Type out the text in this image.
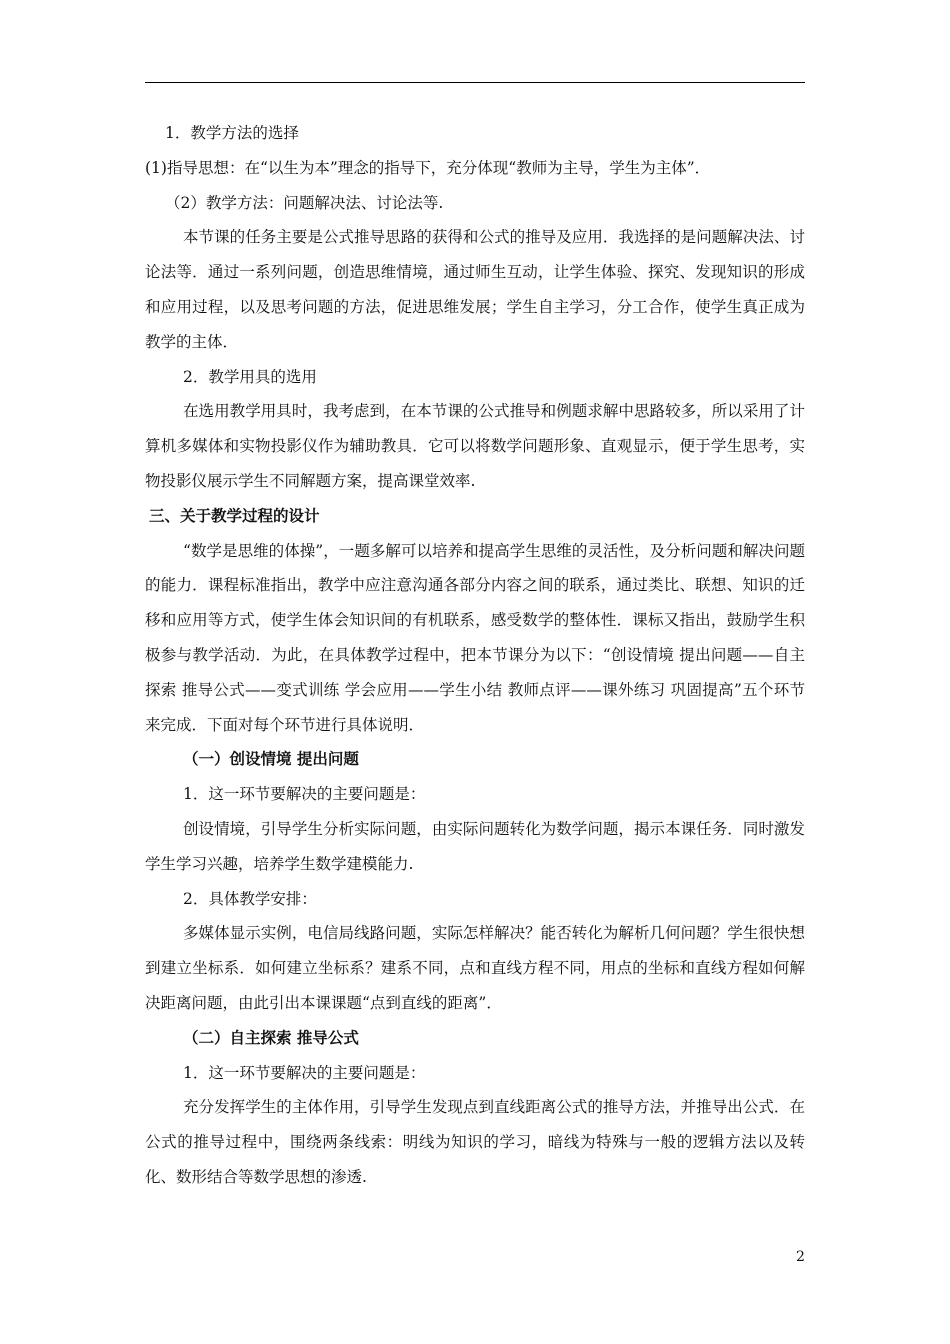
1．教学方法的选择

(1)指导思想：在“以生为本”理念的指导下，充分体现“教师为主导，学生为主体”．

（2）教学方法：问题解决法、讨论法等.

本节课的任务主要是公式推导思路的获得和公式的推导及应用．我选择的是问题解决法、讨论法等．通过一系列问题，创造思维情境，通过师生互动，让学生体验、探究、发现知识的形成和应用过程，以及思考问题的方法，促进思维发展；学生自主学习，分工合作，使学生真正成为教学的主体．

2．教学用具的选用

在选用教学用具时，我考虑到，在本节课的公式推导和例题求解中思路较多，所以采用了计算机多媒体和实物投影仪作为辅助教具．它可以将数学问题形象、直观显示，便于学生思考，实物投影仪展示学生不同解题方案，提高课堂效率.

三、关于教学过程的设计

“数学是思维的体操”，一题多解可以培养和提高学生思维的灵活性，及分析问题和解决问题的能力．课程标准指出，教学中应注意沟通各部分内容之间的联系，通过类比、联想、知识的迁移和应用等方式，使学生体会知识间的有机联系，感受数学的整体性．课标又指出，鼓励学生积极参与教学活动．为此，在具体教学过程中，把本节课分为以下：“创设情境 提出问题——自主探索 推导公式——变式训练 学会应用——学生小结 教师点评——课外练习 巩固提高”五个环节来完成．下面对每个环节进行具体说明．

（一）创设情境 提出问题

1．这一环节要解决的主要问题是：

创设情境，引导学生分析实际问题，由实际问题转化为数学问题，揭示本课任务．同时激发学生学习兴趣，培养学生数学建模能力.

2．具体教学安排：

多媒体显示实例，电信局线路问题，实际怎样解决？能否转化为解析几何问题？学生很快想到建立坐标系．如何建立坐标系？建系不同，点和直线方程不同，用点的坐标和直线方程如何解决距离问题，由此引出本课课题“点到直线的距离”．

（二）自主探索 推导公式

1．这一环节要解决的主要问题是：

充分发挥学生的主体作用，引导学生发现点到直线距离公式的推导方法，并推导出公式．在公式的推导过程中，围绕两条线索：明线为知识的学习，暗线为特殊与一般的逻辑方法以及转化、数形结合等数学思想的渗透.

2
